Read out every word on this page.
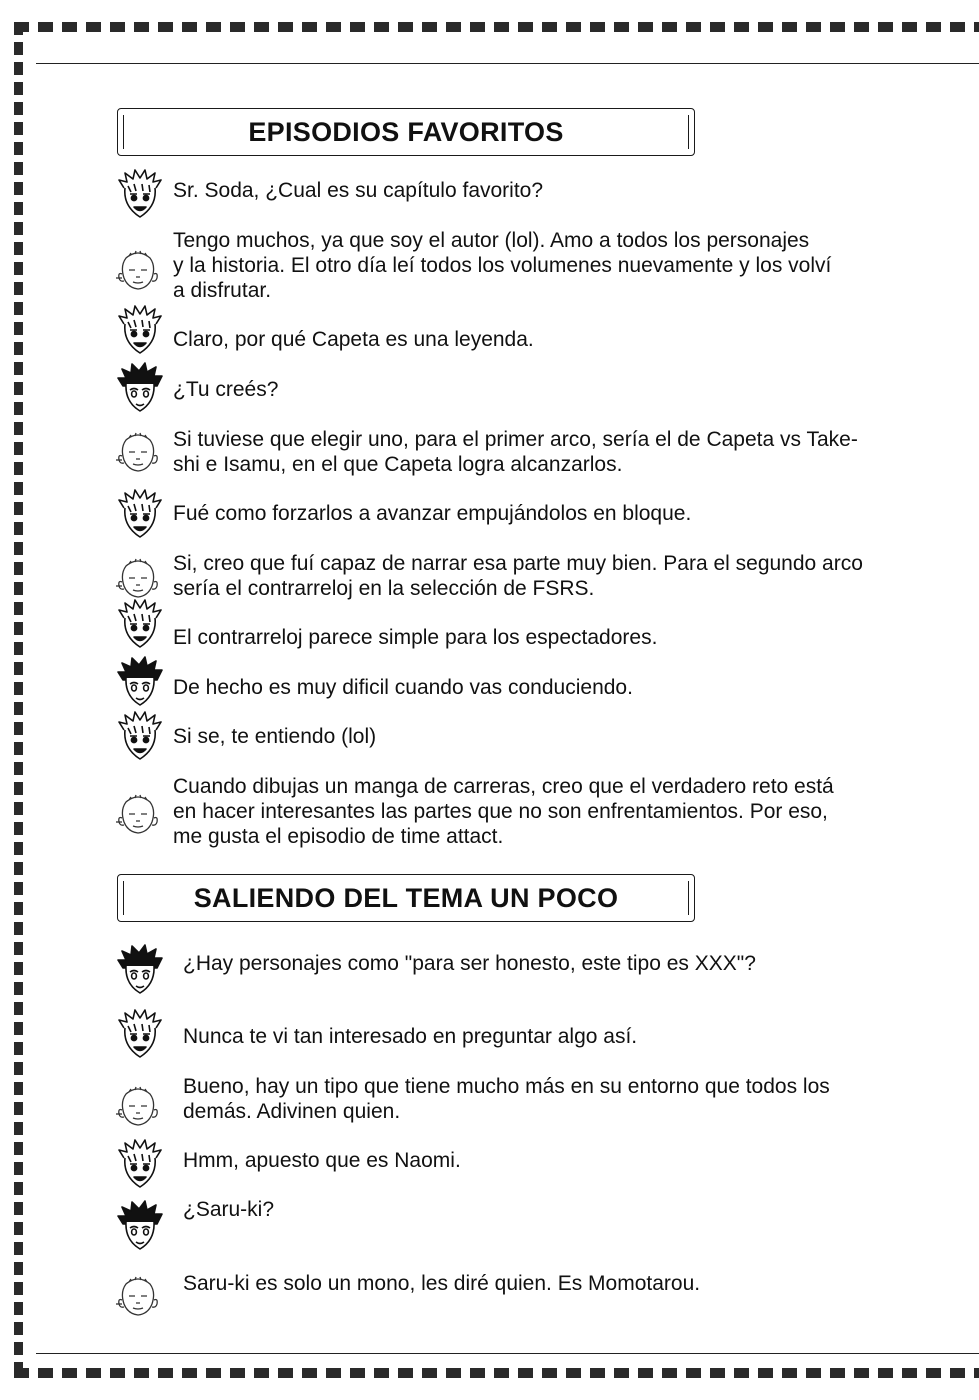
EPISODIOS FAVORITOS
Sr. Soda, ¿Cual es su capítulo favorito?
Tengo muchos, ya que soy el autor (lol). Amo a todos los personajes
y la historia. El otro día leí todos los volumenes nuevamente y los volví
a disfrutar.
Claro, por qué Capeta es una leyenda.
¿Tu creés?
Si tuviese que elegir uno, para el primer arco, sería el de Capeta vs Take-
shi e Isamu, en el que Capeta logra alcanzarlos.
Fué como forzarlos a avanzar empujándolos en bloque.
Si, creo que fuí capaz de narrar esa parte muy bien. Para el segundo arco
sería el contrarreloj en la selección de FSRS.
El contrarreloj parece simple para los espectadores.
De hecho es muy dificil cuando vas conduciendo.
Si se, te entiendo (lol)
Cuando dibujas un manga de carreras, creo que el verdadero reto está
en hacer interesantes las partes que no son enfrentamientos. Por eso,
me gusta el episodio de time attact.
SALIENDO DEL TEMA UN POCO
¿Hay personajes como "para ser honesto, este tipo es XXX"?
Nunca te vi tan interesado en preguntar algo así.
Bueno, hay un tipo que tiene mucho más en su entorno que todos los
demás. Adivinen quien.
Hmm, apuesto que es Naomi.
¿Saru-ki?
Saru-ki es solo un mono, les diré quien. Es Momotarou.
